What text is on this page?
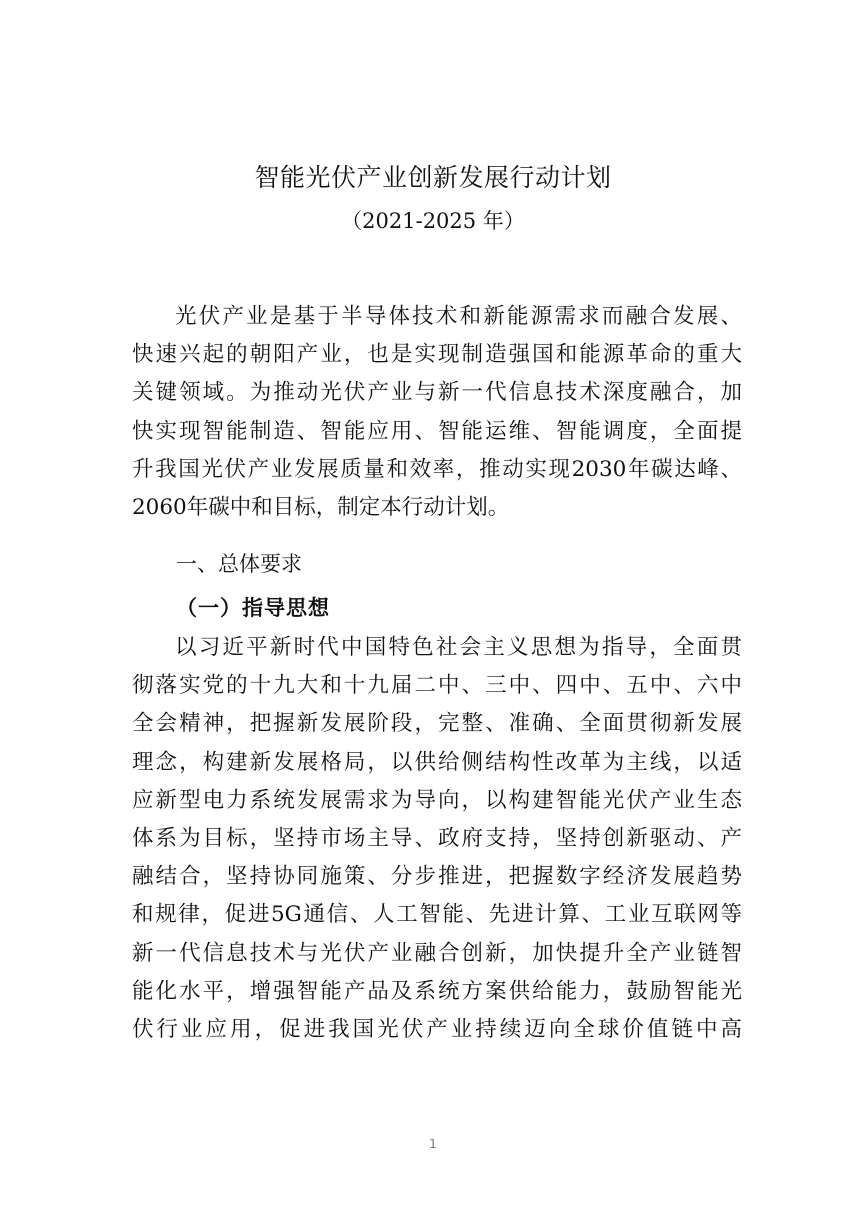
智能光伏产业创新发展行动计划
（2021-2025 年）
光伏产业是基于半导体技术和新能源需求而融合发展、
快速兴起的朝阳产业，也是实现制造强国和能源革命的重大
关键领域。为推动光伏产业与新一代信息技术深度融合，加
快实现智能制造、智能应用、智能运维、智能调度，全面提
升我国光伏产业发展质量和效率，推动实现2030年碳达峰、
2060年碳中和目标，制定本行动计划。
一、总体要求
（一）指导思想
以习近平新时代中国特色社会主义思想为指导，全面贯
彻落实党的十九大和十九届二中、三中、四中、五中、六中
全会精神，把握新发展阶段，完整、准确、全面贯彻新发展
理念，构建新发展格局，以供给侧结构性改革为主线，以适
应新型电力系统发展需求为导向，以构建智能光伏产业生态
体系为目标，坚持市场主导、政府支持，坚持创新驱动、产
融结合，坚持协同施策、分步推进，把握数字经济发展趋势
和规律，促进5G通信、人工智能、先进计算、工业互联网等
新一代信息技术与光伏产业融合创新，加快提升全产业链智
能化水平，增强智能产品及系统方案供给能力，鼓励智能光
伏行业应用，促进我国光伏产业持续迈向全球价值链中高
1
